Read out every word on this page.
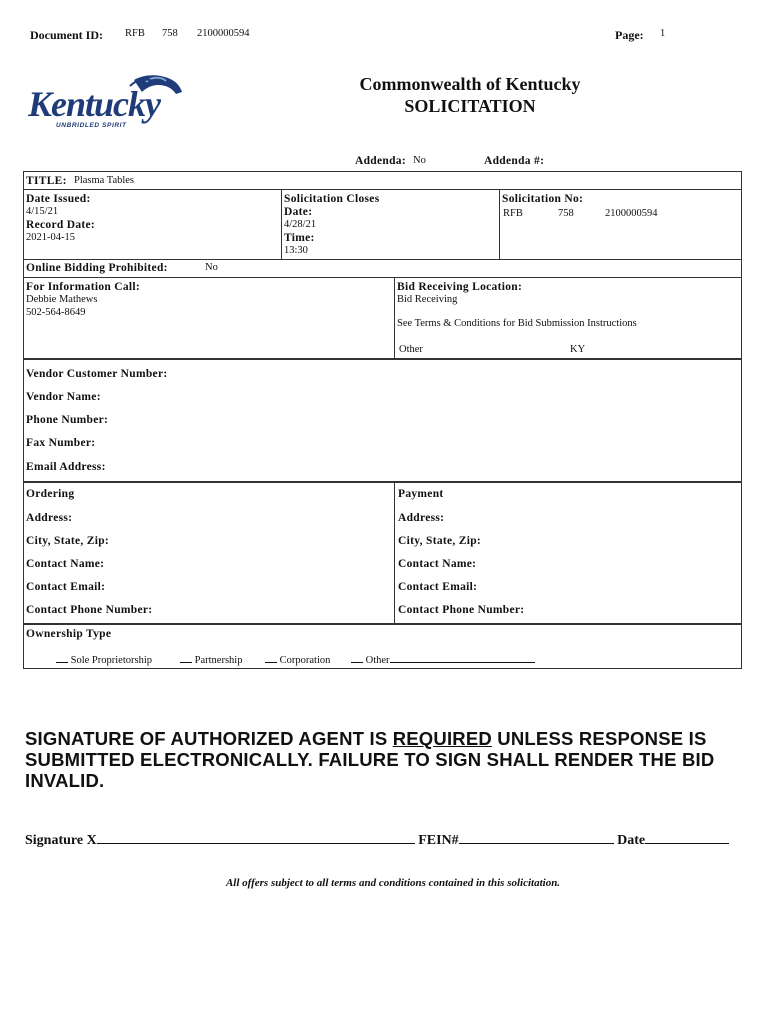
Document ID: RFB 758 2100000594	Page: 1
Kentucky
UNBRIDLED SPIRIT
Commonwealth of Kentucky
SOLICITATION
Addenda: No	Addenda #:
TITLE: Plasma Tables
Date Issued:
4/15/21
Record Date:
2021-04-15
Solicitation Closes
Date:
4/28/21
Time:
13:30
Solicitation No:
RFB	758	2100000594
Online Bidding Prohibited:	No
For Information Call:
Debbie Mathews
502-564-8649
Bid Receiving Location:
Bid Receiving
See Terms & Conditions for Bid Submission Instructions
Other	KY
Vendor Customer Number:
Vendor Name:
Phone Number:
Fax Number:
Email Address:
Ordering
Address:
City, State, Zip:
Contact Name:
Contact Email:
Contact Phone Number:
Payment
Address:
City, State, Zip:
Contact Name:
Contact Email:
Contact Phone Number:
Ownership Type
Sole Proprietorship	Partnership	Corporation	Other
SIGNATURE OF AUTHORIZED AGENT IS REQUIRED UNLESS RESPONSE IS SUBMITTED ELECTRONICALLY. FAILURE TO SIGN SHALL RENDER THE BID INVALID.
Signature X	FEIN#	Date
All offers subject to all terms and conditions contained in this solicitation.
